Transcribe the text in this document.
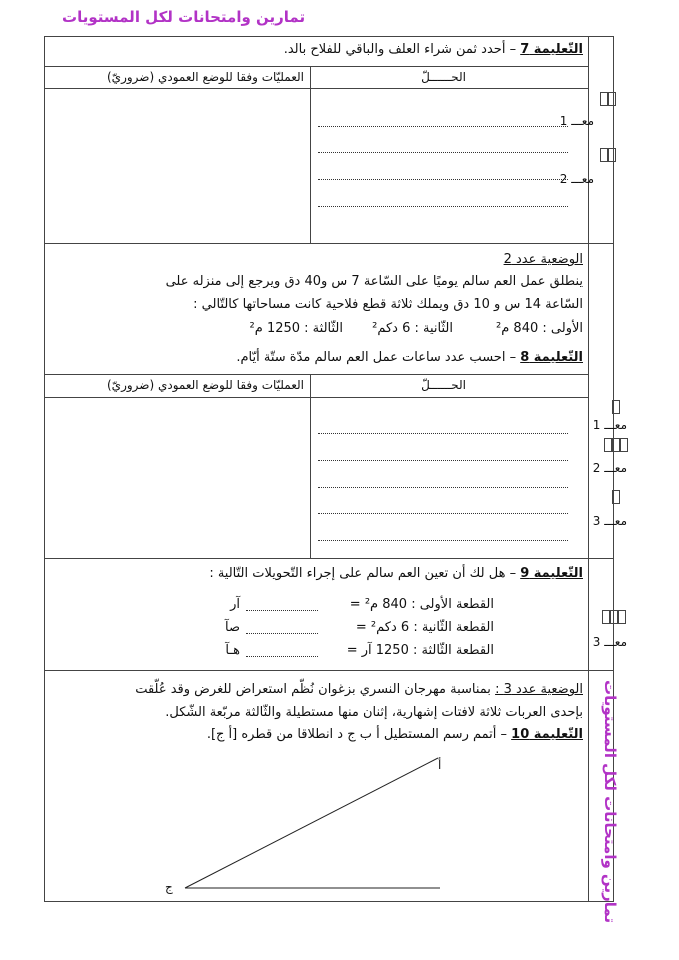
تمارين وامتحانات لكل المستويات
التّعليمة 7 – أحدد ثمن شراء العلف والباقي للفلاح بالد.
الحــــــلّ
العمليّات وفقا للوضع العمودي (ضروريّ)
معـــ 1
معـــ 2
الوضعية عدد 2
ينطلق عمل العم سالم يوميًا على السّاعة 7 س و40 دق ويرجع إلى منزله على
السّاعة 14 س و 10 دق ويملك ثلاثة قطع فلاحية كانت مساحاتها كالتّالي :
الأولى : 840 م²
الثّانية : 6 دكم²
الثّالثة : 1250 م²
التّعليمة 8 – احسب عدد ساعات عمل العم سالم مدّة ستّة أيّام.
الحــــــلّ
العمليّات وفقا للوضع العمودي (ضروريّ)
معـــ 1
معـــ 2
معـــ 3
التّعليمة 9 – هل لك أن تعين العم سالم على إجراء التّحويلات التّالية :
القطعة الأولى : 840 م² =
آر
القطعة الثّانية : 6 دكم² =
صآ
القطعة الثّالثة : 1250 آر =
هـآ
معـــ 3
الوضعية عدد 3 : بمناسبة مهرجان النسري بزغوان نُظّم استعراض للغرض وقد عُلّقت
بإحدى العربات ثلاثة لافتات إشهارية، إثنان منها مستطيلة والثّالثة مربّعة الشّكل.
التّعليمة 10 – أتمم رسم المستطيل أ ب ج د انطلاقا من قطره [أ ج].
أ
ج	تمارين وامتحانات لكل المستويات
